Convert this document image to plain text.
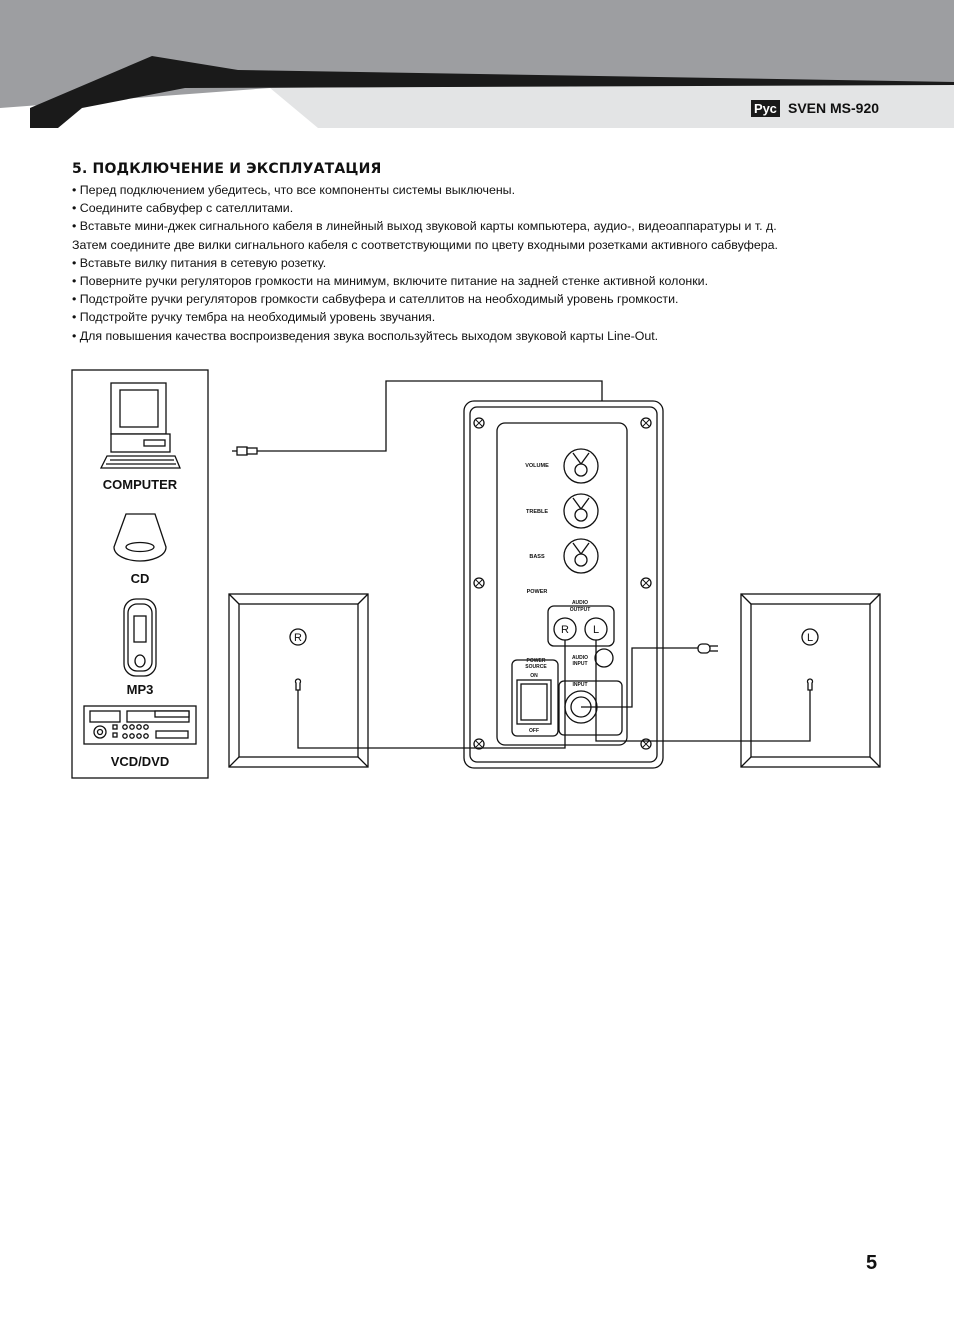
Рус SVEN MS-920
5. ПОДКЛЮЧЕНИЕ И ЭКСПЛУАТАЦИЯ
• Перед подключением убедитесь, что все компоненты системы выключены.
• Соедините сабвуфер с сателлитами.
• Вставьте мини-джек сигнального кабеля в линейный выход звуковой карты компьютера, аудио-, видеоаппаратуры и т. д.
Затем соедините две вилки сигнального кабеля с соответствующими по цвету входными розетками активного сабвуфера.
• Вставьте вилку питания в сетевую розетку.
• Поверните ручки регуляторов громкости на минимум, включите питание на задней стенке активной колонки.
• Подстройте ручки регуляторов громкости сабвуфера и сателлитов на необходимый уровень громкости.
• Подстройте ручку тембра на необходимый уровень звучания.
• Для повышения качества воспроизведения звука воспользуйтесь выходом звуковой карты Line-Out.
COMPUTER
CD
MP3
VCD/DVD
R	L
VOLUME
TREBLE
BASS
POWER
AUDIO
OUTPUT
R L
POWER
SOURCE
ON
OFF
AUDIO
INPUT
INPUT
5
